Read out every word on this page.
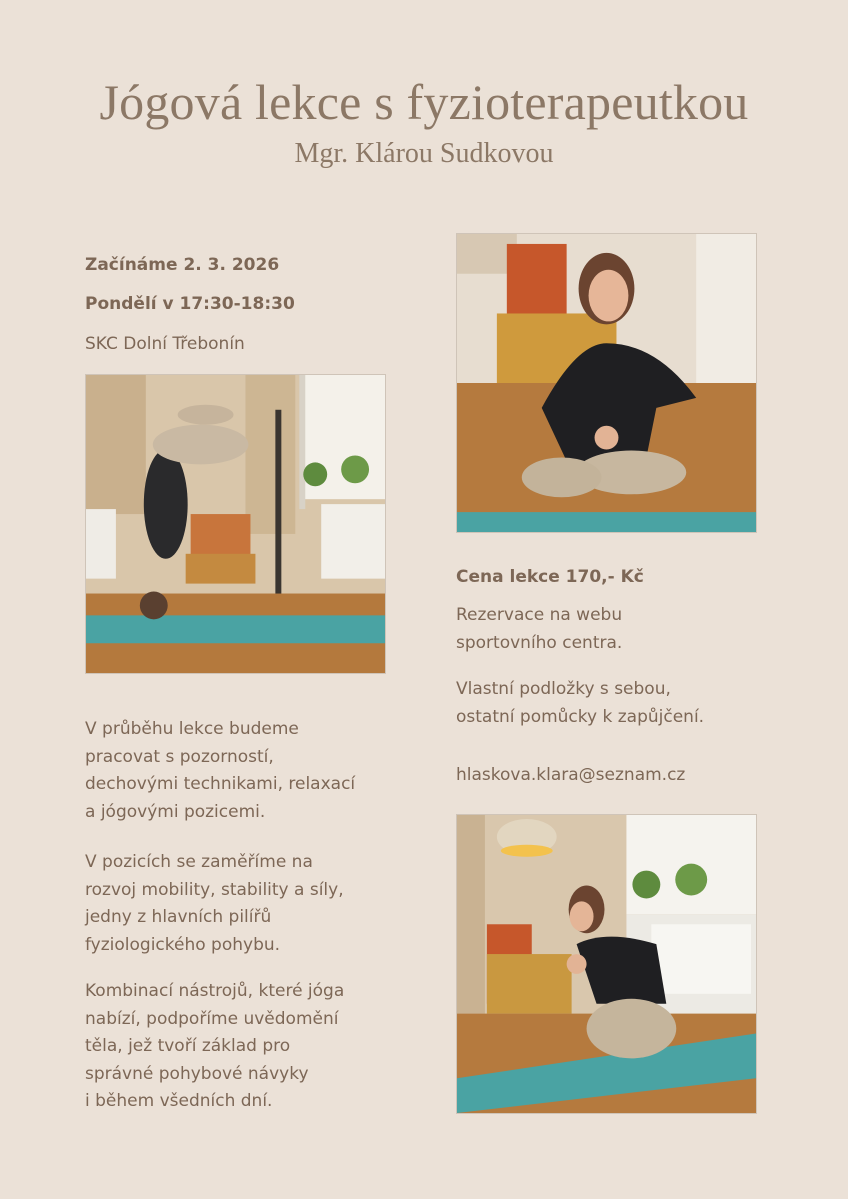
Jógová lekce s fyzioterapeutkou
Mgr. Klárou Sudkovou
Začínáme 2. 3. 2026
Pondělí v 17:30-18:30
SKC Dolní Třebonín
Cena lekce 170,- Kč
Rezervace na webu
sportovního centra.
Vlastní podložky s sebou,
ostatní pomůcky k zapůjčení.
hlaskova.klara@seznam.cz
V průběhu lekce budeme
pracovat s pozorností,
dechovými technikami, relaxací
a jógovými pozicemi.
V pozicích se zaměříme na
rozvoj mobility, stability a síly,
jedny z hlavních pilířů
fyziologického pohybu.
Kombinací nástrojů, které jóga
nabízí, podpoříme uvědomění
těla, jež tvoří základ pro
správné pohybové návyky
i během všedních dní.
